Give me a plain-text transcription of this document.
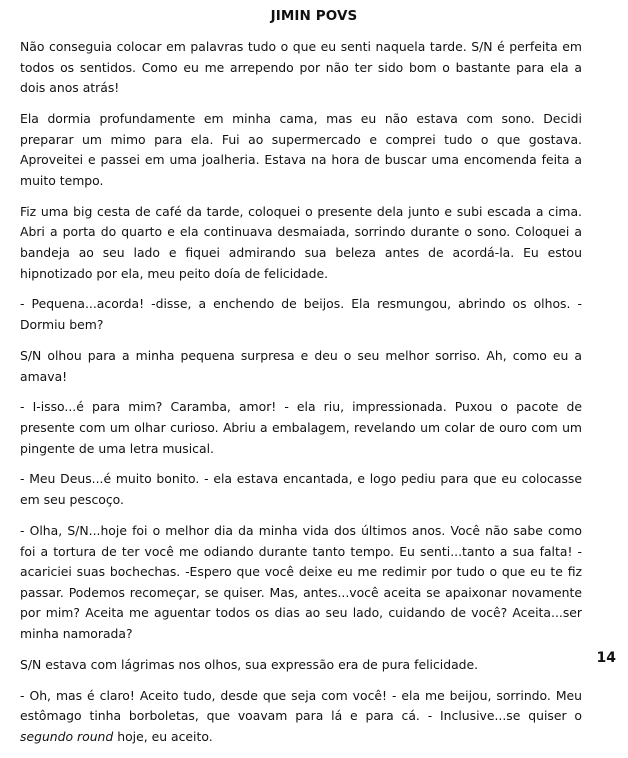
JIMIN POVS

Não conseguia colocar em palavras tudo o que eu senti naquela tarde. S/N é perfeita em todos os sentidos. Como eu me arrependo por não ter sido bom o bastante para ela a dois anos atrás!

Ela dormia profundamente em minha cama, mas eu não estava com sono. Decidi preparar um mimo para ela. Fui ao supermercado e comprei tudo o que gostava. Aproveitei e passei em uma joalheria. Estava na hora de buscar uma encomenda feita a muito tempo.

Fiz uma big cesta de café da tarde, coloquei o presente dela junto e subi escada a cima. Abri a porta do quarto e ela continuava desmaiada, sorrindo durante o sono. Coloquei a bandeja ao seu lado e fiquei admirando sua beleza antes de acordá-la. Eu estou hipnotizado por ela, meu peito doía de felicidade.

- Pequena...acorda! -disse, a enchendo de beijos. Ela resmungou, abrindo os olhos. - Dormiu bem?

S/N olhou para a minha pequena surpresa e deu o seu melhor sorriso. Ah, como eu a amava!

- I-isso...é para mim? Caramba, amor! - ela riu, impressionada. Puxou o pacote de presente com um olhar curioso. Abriu a embalagem, revelando um colar de ouro com um pingente de uma letra musical.

- Meu Deus...é muito bonito. - ela estava encantada, e logo pediu para que eu colocasse em seu pescoço.

- Olha, S/N...hoje foi o melhor dia da minha vida dos últimos anos. Você não sabe como foi a tortura de ter você me odiando durante tanto tempo. Eu senti...tanto a sua falta! - acariciei suas bochechas. -Espero que você deixe eu me redimir por tudo o que eu te fiz passar. Podemos recomeçar, se quiser. Mas, antes...você aceita se apaixonar novamente por mim? Aceita me aguentar todos os dias ao seu lado, cuidando de você? Aceita...ser minha namorada?

S/N estava com lágrimas nos olhos, sua expressão era de pura felicidade.

- Oh, mas é claro! Aceito tudo, desde que seja com você! - ela me beijou, sorrindo. Meu estômago tinha borboletas, que voavam para lá e para cá. - Inclusive...se quiser o segundo round hoje, eu aceito.

14
